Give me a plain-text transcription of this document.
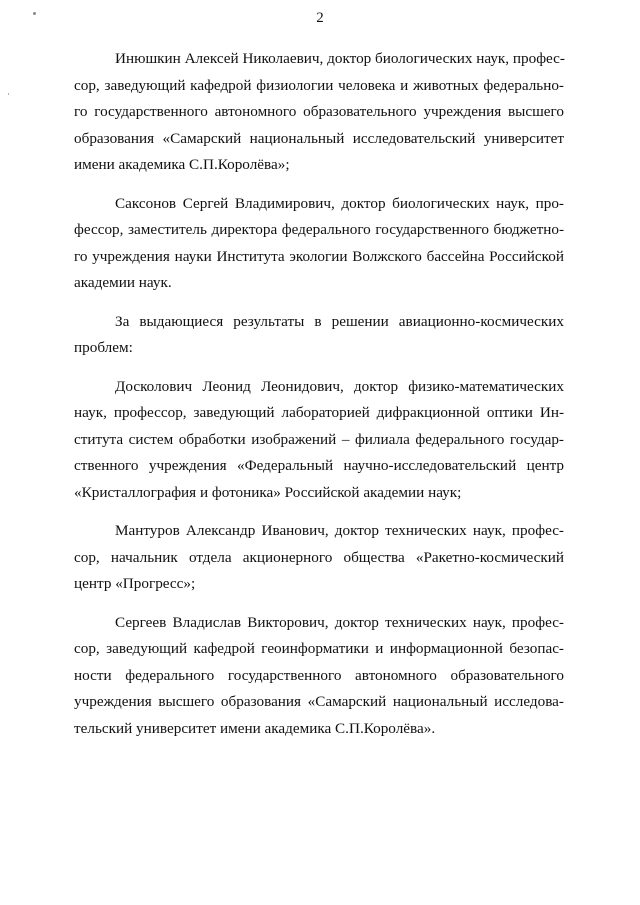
2

Инюшкин Алексей Николаевич, доктор биологических наук, профес-
сор, заведующий кафедрой физиологии человека и животных федерально-
го государственного автономного образовательного учреждения высшего
образования «Самарский национальный исследовательский университет
имени академика С.П.Королёва»;

Саксонов Сергей Владимирович, доктор биологических наук, про-
фессор, заместитель директора федерального государственного бюджетно-
го учреждения науки Института экологии Волжского бассейна Российской
академии наук.

За выдающиеся результаты в решении авиационно-космических
проблем:

Досколович Леонид Леонидович, доктор физико-математических
наук, профессор, заведующий лабораторией дифракционной оптики Ин-
ститута систем обработки изображений – филиала федерального государ-
ственного учреждения «Федеральный научно-исследовательский центр
«Кристаллография и фотоника» Российской академии наук;

Мантуров Александр Иванович, доктор технических наук, профес-
сор, начальник отдела акционерного общества «Ракетно-космический
центр «Прогресс»;

Сергеев Владислав Викторович, доктор технических наук, профес-
сор, заведующий кафедрой геоинформатики и информационной безопас-
ности федерального государственного автономного образовательного
учреждения высшего образования «Самарский национальный исследова-
тельский университет имени академика С.П.Королёва».
